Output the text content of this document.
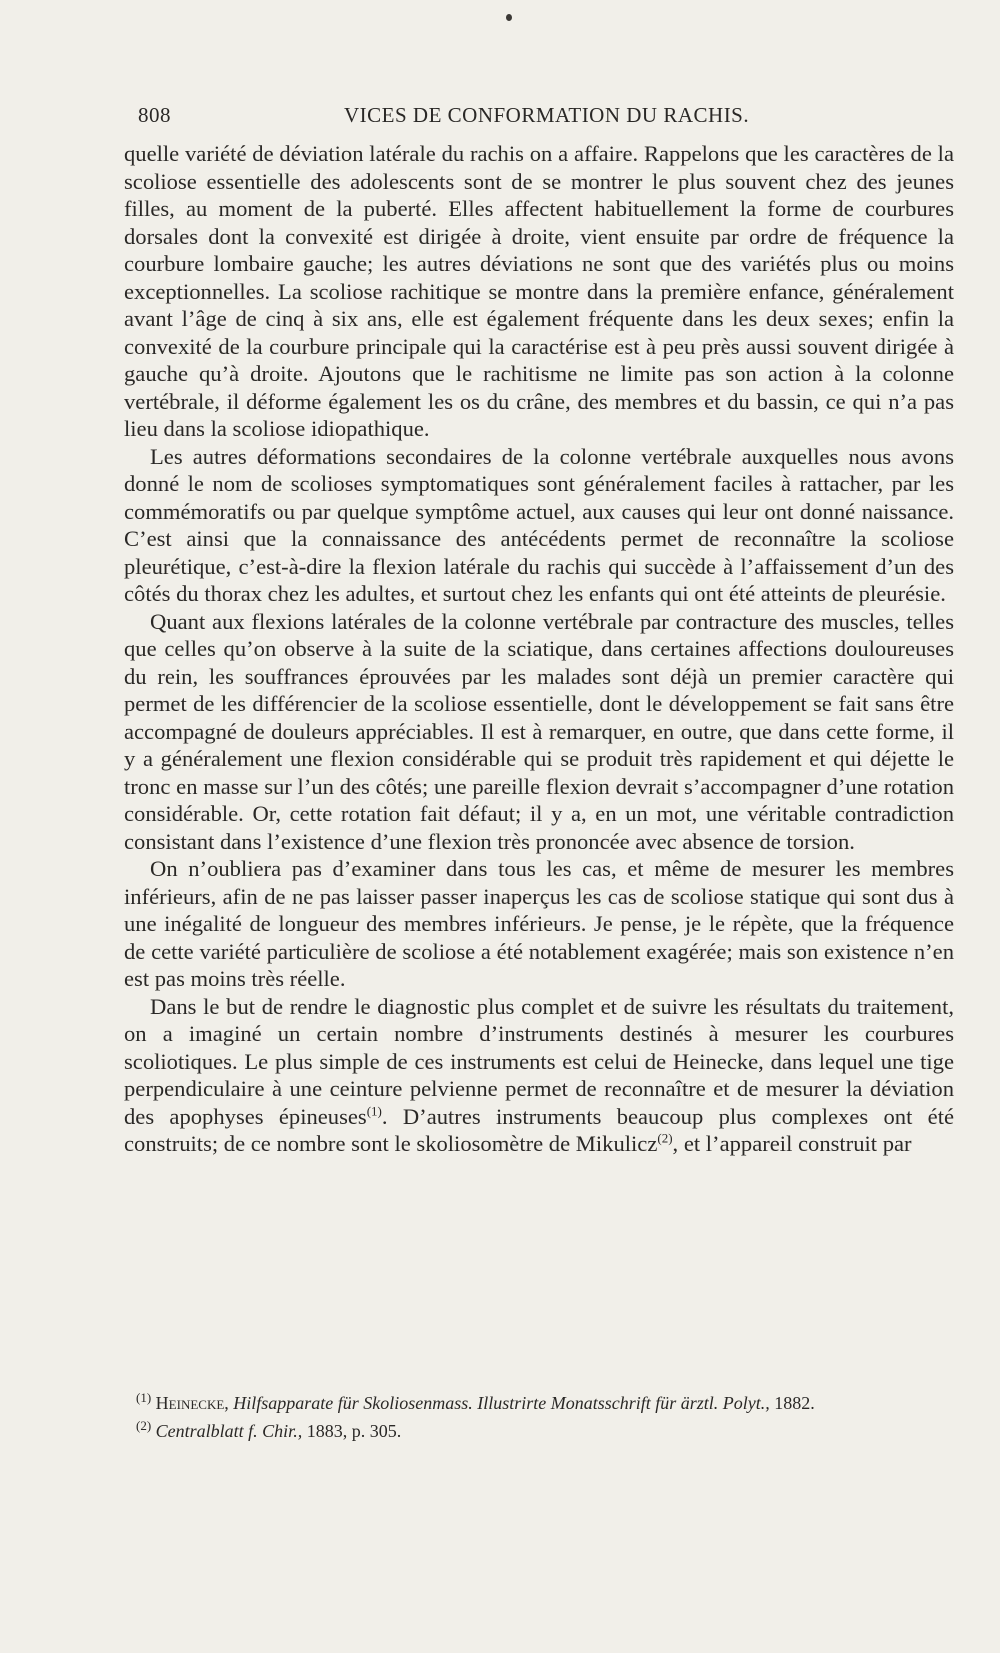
808	VICES DE CONFORMATION DU RACHIS.

quelle variété de déviation latérale du rachis on a affaire. Rappelons que les caractères de la scoliose essentielle des adolescents sont de se montrer le plus souvent chez des jeunes filles, au moment de la puberté. Elles affectent habituellement la forme de courbures dorsales dont la convexité est dirigée à droite, vient ensuite par ordre de fréquence la courbure lombaire gauche; les autres déviations ne sont que des variétés plus ou moins exceptionnelles. La scoliose rachitique se montre dans la première enfance, généralement avant l’âge de cinq à six ans, elle est également fréquente dans les deux sexes; enfin la convexité de la courbure principale qui la caractérise est à peu près aussi souvent dirigée à gauche qu’à droite. Ajoutons que le rachitisme ne limite pas son action à la colonne vertébrale, il déforme également les os du crâne, des membres et du bassin, ce qui n’a pas lieu dans la scoliose idiopathique.

Les autres déformations secondaires de la colonne vertébrale auxquelles nous avons donné le nom de scolioses symptomatiques sont généralement faciles à rattacher, par les commémoratifs ou par quelque symptôme actuel, aux causes qui leur ont donné naissance. C’est ainsi que la connaissance des antécédents permet de reconnaître la scoliose pleurétique, c’est-à-dire la flexion latérale du rachis qui succède à l’affaissement d’un des côtés du thorax chez les adultes, et surtout chez les enfants qui ont été atteints de pleurésie.

Quant aux flexions latérales de la colonne vertébrale par contracture des muscles, telles que celles qu’on observe à la suite de la sciatique, dans certaines affections douloureuses du rein, les souffrances éprouvées par les malades sont déjà un premier caractère qui permet de les différencier de la scoliose essentielle, dont le développement se fait sans être accompagné de douleurs appréciables. Il est à remarquer, en outre, que dans cette forme, il y a généralement une flexion considérable qui se produit très rapidement et qui déjette le tronc en masse sur l’un des côtés; une pareille flexion devrait s’accompagner d’une rotation considérable. Or, cette rotation fait défaut; il y a, en un mot, une véritable contradiction consistant dans l’existence d’une flexion très prononcée avec absence de torsion.

On n’oubliera pas d’examiner dans tous les cas, et même de mesurer les membres inférieurs, afin de ne pas laisser passer inaperçus les cas de scoliose statique qui sont dus à une inégalité de longueur des membres inférieurs. Je pense, je le répète, que la fréquence de cette variété particulière de scoliose a été notablement exagérée; mais son existence n’en est pas moins très réelle.

Dans le but de rendre le diagnostic plus complet et de suivre les résultats du traitement, on a imaginé un certain nombre d’instruments destinés à mesurer les courbures scoliotiques. Le plus simple de ces instruments est celui de Heinecke, dans lequel une tige perpendiculaire à une ceinture pelvienne permet de reconnaître et de mesurer la déviation des apophyses épineuses$^{(1)}$. D’autres instruments beaucoup plus complexes ont été construits; de ce nombre sont le skoliosomètre de Mikulicz$^{(2)}$, et l’appareil construit par

$^{(1)}$ Heinecke, Hilfsapparate für Skoliosenmass. Illustrirte Monatsschrift für ärztl. Polyt., 1882.

$^{(2)}$ Centralblatt f. Chir., 1883, p. 305.
